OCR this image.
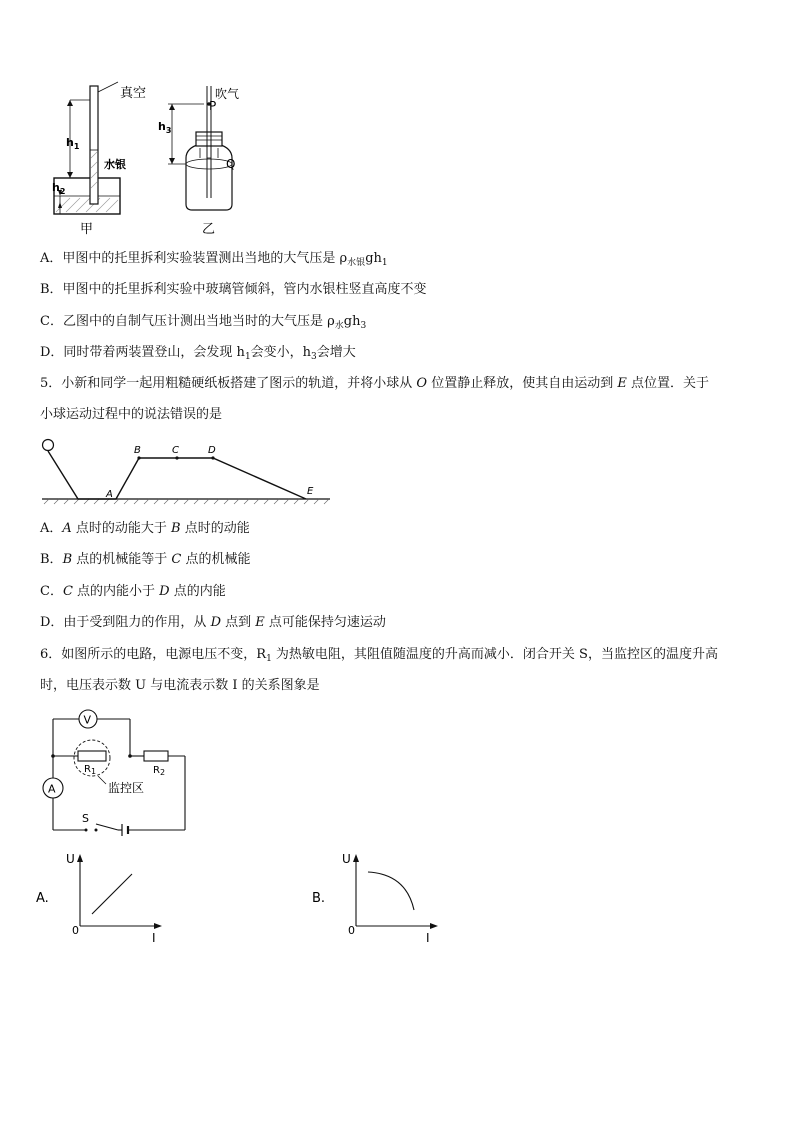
真空
水银
$h_1$
$h_2$
甲
吹气
P
Q
$h_3$
乙
A．甲图中的托里拆利实验装置测出当地的大气压是 $\rho_{水银}gh_1$
B．甲图中的托里拆利实验中玻璃管倾斜，管内水银柱竖直高度不变
C．乙图中的自制气压计测出当地当时的大气压是 $\rho_水gh_3$
D．同时带着两装置登山，会发现 $h_1$会变小，$h_3$会增大
5．小新和同学一起用粗糙硬纸板搭建了图示的轨道，并将小球从 O 位置静止释放，使其自由运动到 E 点位置．关于
小球运动过程中的说法错误的是
A
B	C	D
E
A．A 点时的动能大于 B 点时的动能
B．B 点的机械能等于 C 点的机械能
C．C 点的内能小于 D 点的内能
D．由于受到阻力的作用，从 D 点到 E 点可能保持匀速运动
6．如图所示的电路，电源电压不变，$R_1$ 为热敏电阻，其阻值随温度的升高而减小．闭合开关 S，当监控区的温度升高
时，电压表示数 U 与电流表示数 I 的关系图象是
V
A
$R_1$	$R_2$
监控区
S
A.
U
I
0
B.
U
I
0
